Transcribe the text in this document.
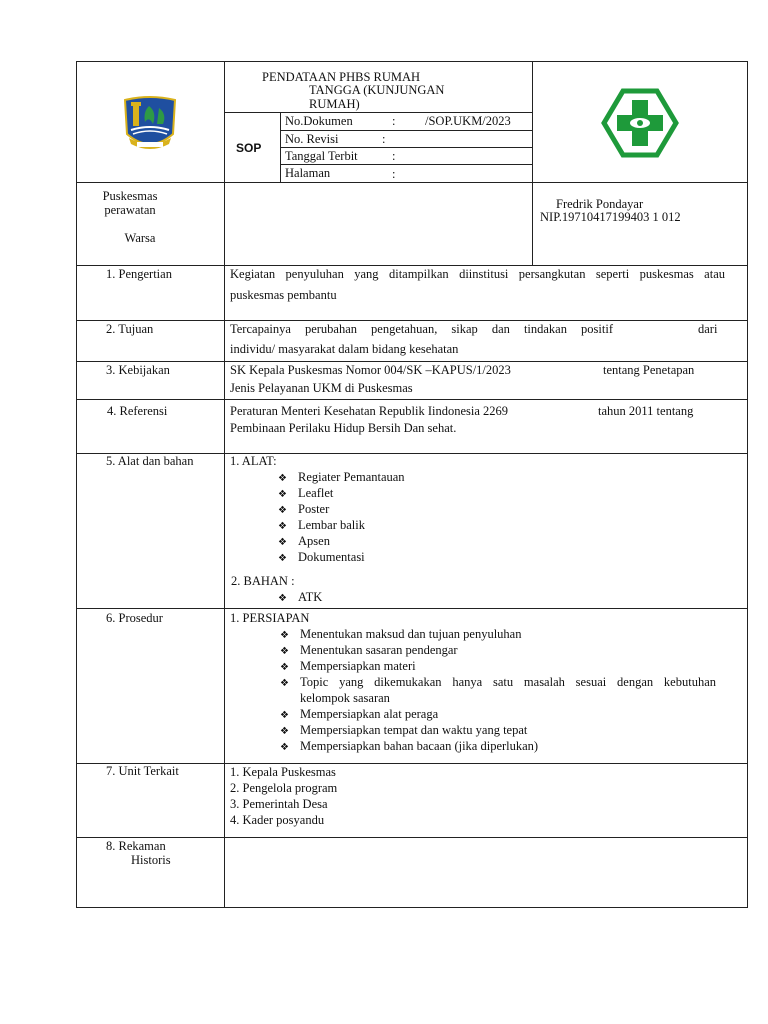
PENDATAAN PHBS RUMAH
TANGGA (KUNJUNGAN
RUMAH)
SOP
No.Dokumen	: /SOP.UKM/2023
No. Revisi	:
Tanggal Terbit	:
Halaman	:
Puskesmas
perawatan
Warsa
Fredrik Pondayar
NIP.19710417199403 1 012
1. Pengertian	Kegiatan penyuluhan yang ditampilkan diinstitusi persangkutan seperti puskesmas atau
puskesmas pembantu
2. Tujuan	Tercapainya perubahan pengetahuan, sikap dan tindakan positif	dari
individu/ masyarakat dalam bidang kesehatan
3. Kebijakan	SK Kepala Puskesmas Nomor 004/SK –KAPUS/1/2023	tentang Penetapan
Jenis Pelayanan UKM di Puskesmas
4. Referensi	Peraturan Menteri Kesehatan Republik Iindonesia 2269	tahun 2011 tentang
Pembinaan Perilaku Hidup Bersih Dan sehat.
5. Alat dan bahan	1. ALAT:
❖ Regiater Pemantauan
❖ Leaflet
❖ Poster
❖ Lembar balik
❖ Apsen
❖ Dokumentasi
2. BAHAN :
❖ ATK
6. Prosedur	1. PERSIAPAN
❖ Menentukan maksud dan tujuan penyuluhan
❖ Menentukan sasaran pendengar
❖ Mempersiapkan materi
❖ Topic yang dikemukakan hanya satu masalah sesuai dengan kebutuhan
kelompok sasaran
❖ Mempersiapkan alat peraga
❖ Mempersiapkan tempat dan waktu yang tepat
❖ Mempersiapkan bahan bacaan (jika diperlukan)
7. Unit Terkait	1. Kepala Puskesmas
2. Pengelola program
3. Pemerintah Desa
4. Kader posyandu
8. Rekaman
Historis
